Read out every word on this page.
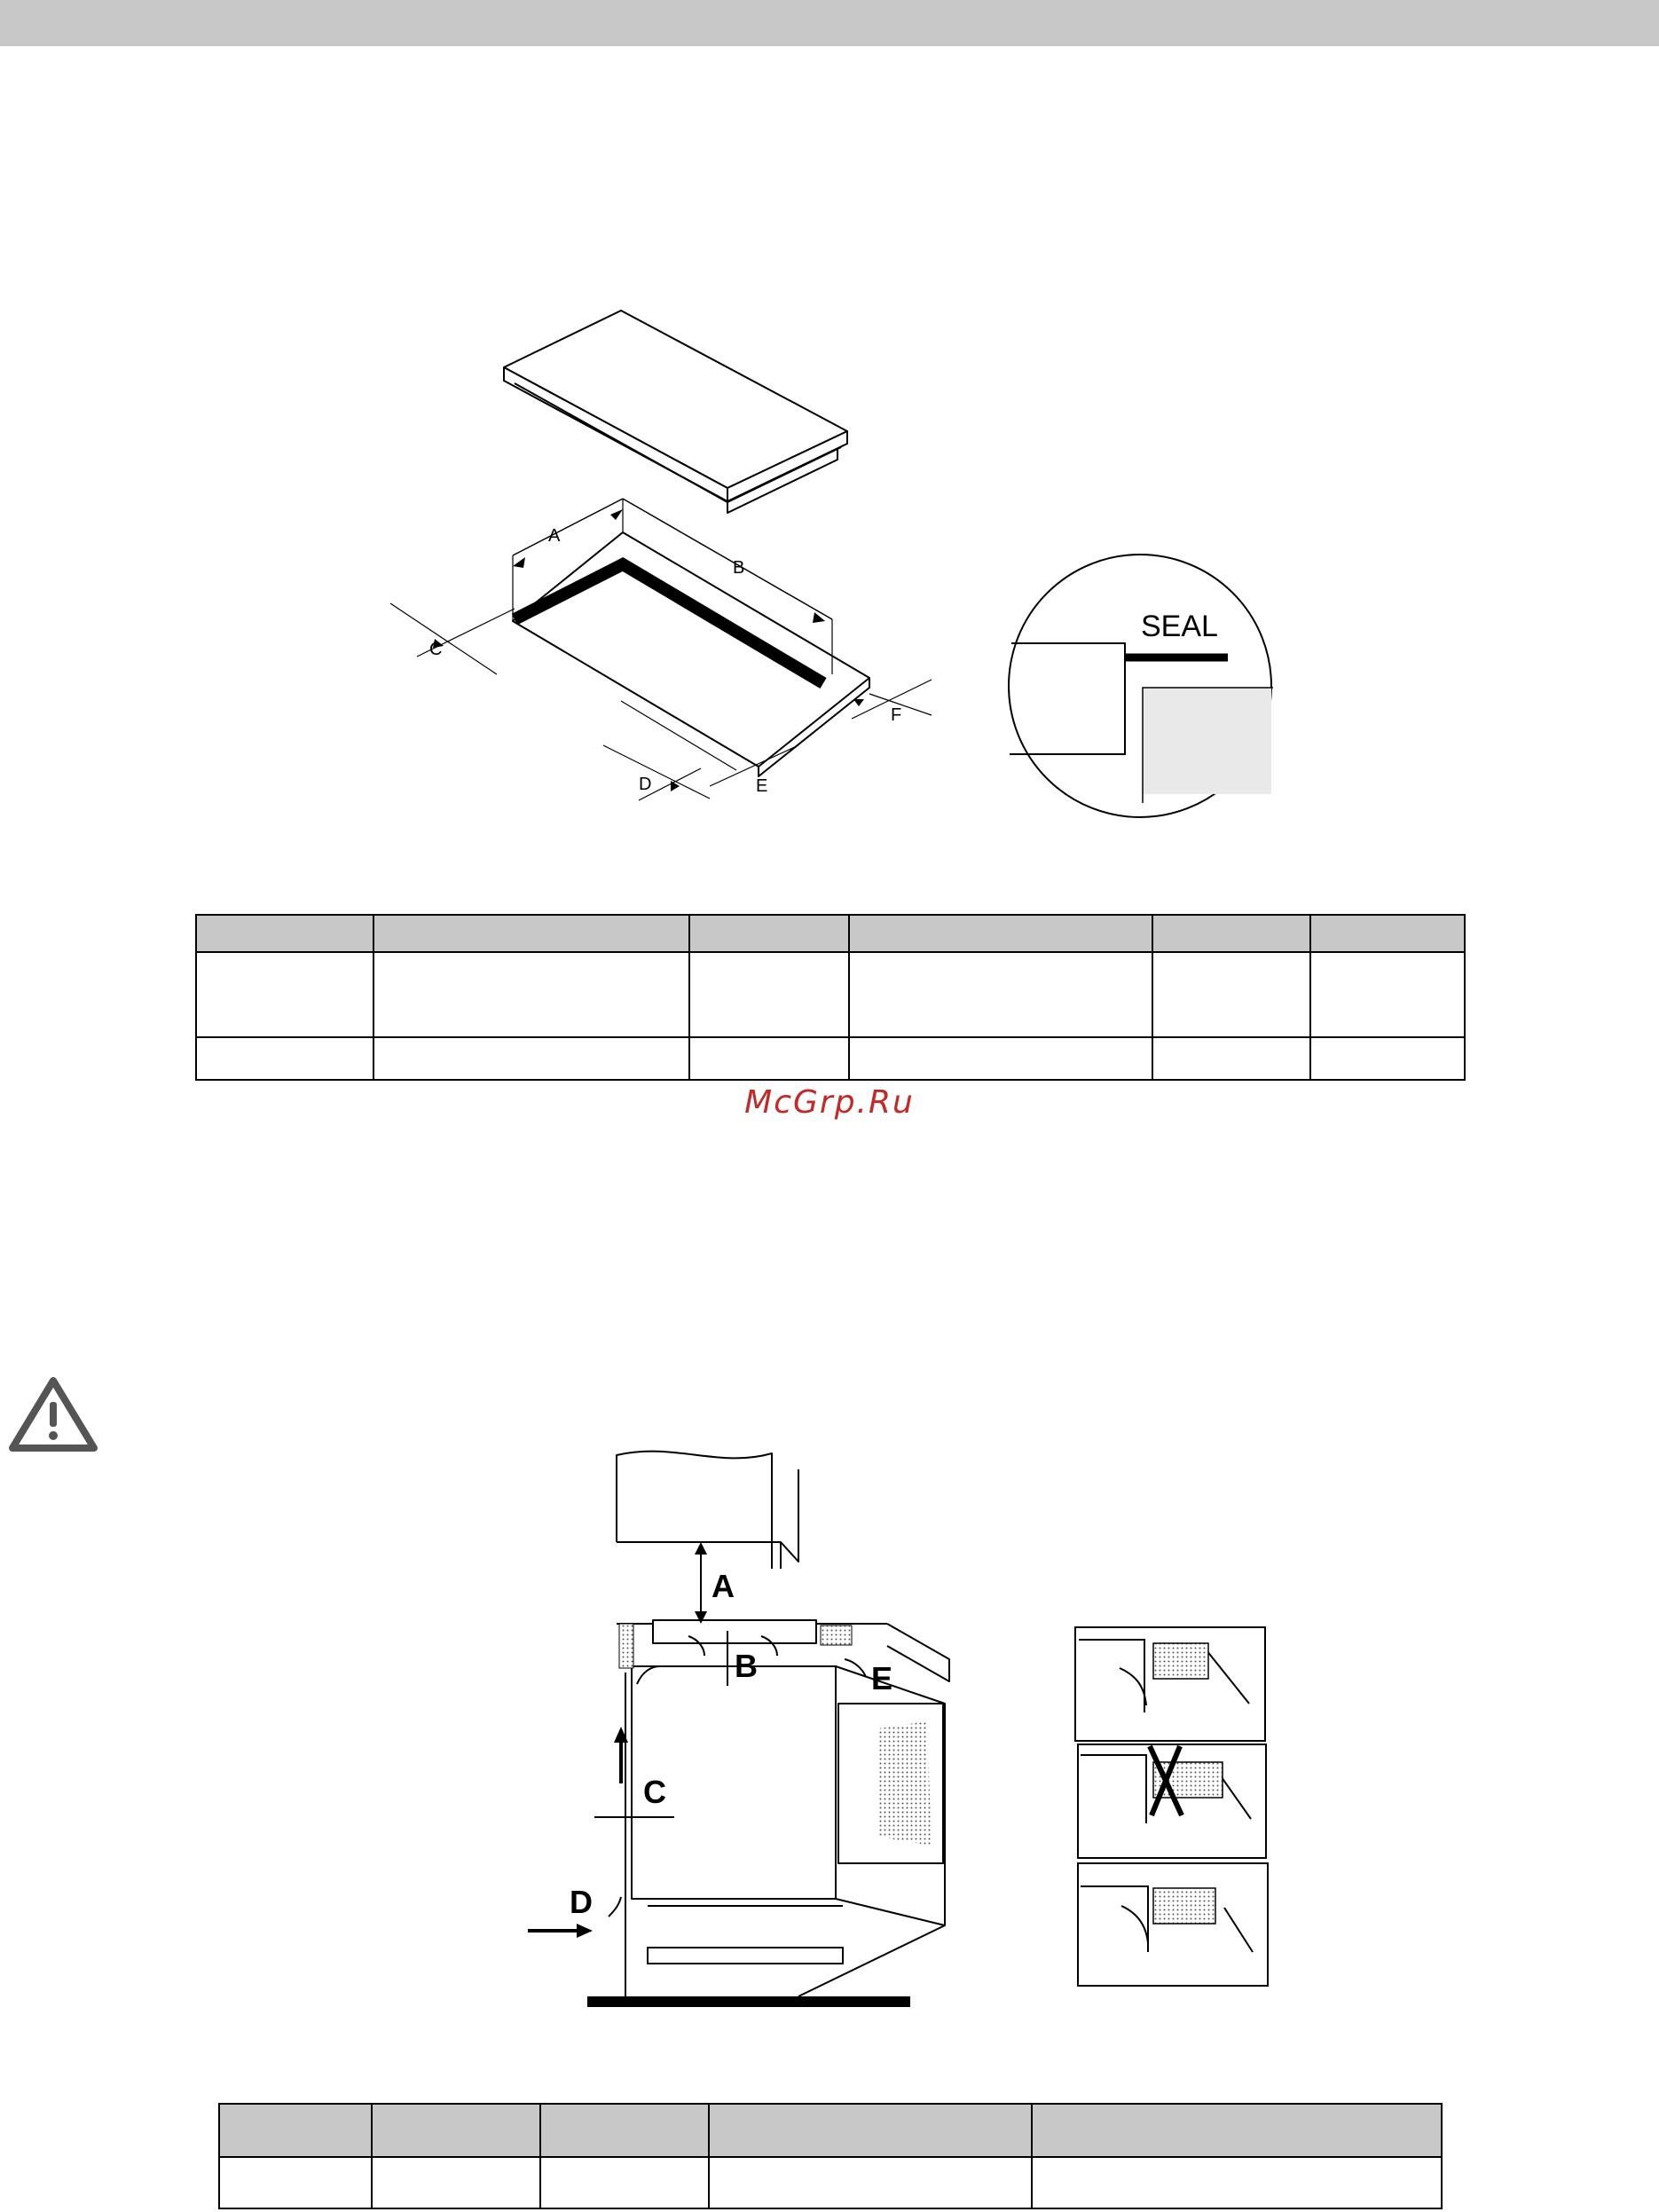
A
B
C
D	E
F
SEAL

McGrp.Ru
A
B
C
D
E
